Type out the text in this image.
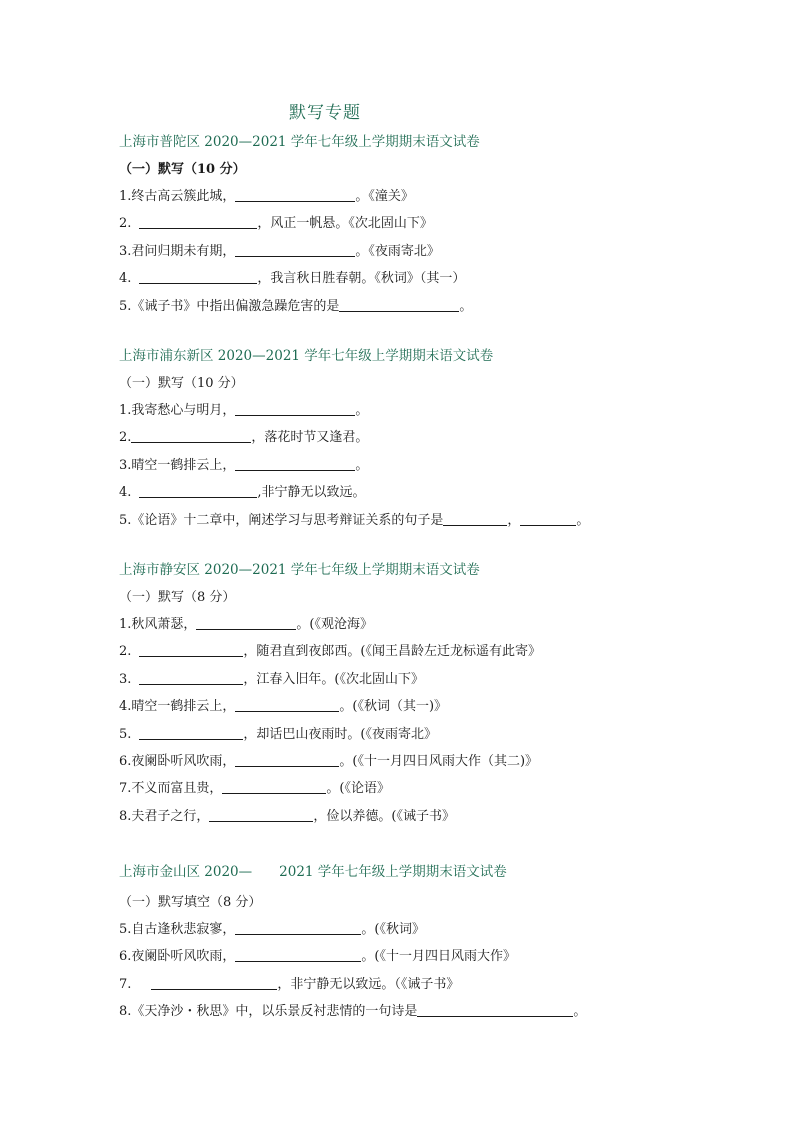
默写专题
上海市普陀区 2020—2021 学年七年级上学期期末语文试卷
（一）默写（10 分）
1.终古高云簇此城，	。《潼关》
2.	，风正一帆悬。《次北固山下》
3.君问归期未有期，	。《夜雨寄北》
4.	，我言秋日胜春朝。《秋词》（其一）
5.《诫子书》中指出偏激急躁危害的是	。
上海市浦东新区 2020—2021 学年七年级上学期期末语文试卷
（一）默写（10 分）
1.我寄愁心与明月，	。
2.	，落花时节又逢君。
3.晴空一鹤排云上，	。
4.	,非宁静无以致远。
5.《论语》十二章中，阐述学习与思考辩证关系的句子是	，	。
上海市静安区 2020—2021 学年七年级上学期期末语文试卷
（一）默写（8 分）
1.秋风萧瑟，	。(《观沧海》
2.	，随君直到夜郎西。(《闻王昌龄左迁龙标遥有此寄》
3.	，江春入旧年。(《次北固山下》
4.晴空一鹤排云上，	。(《秋词（其一)》
5.	，却话巴山夜雨时。(《夜雨寄北》
6.夜阑卧听风吹雨，	。(《十一月四日风雨大作（其二)》
7.不义而富且贵，	。(《论语》
8.夫君子之行，	，俭以养德。(《诫子书》
上海市金山区 2020—　　2021 学年七年级上学期期末语文试卷
（一）默写填空（8 分）
5.自古逢秋悲寂寥，	。(《秋词》
6.夜阑卧听风吹雨，	。(《十一月四日风雨大作》
7.	，非宁静无以致远。（《诫子书》
8.《天净沙・秋思》中，以乐景反衬悲情的一句诗是	。
